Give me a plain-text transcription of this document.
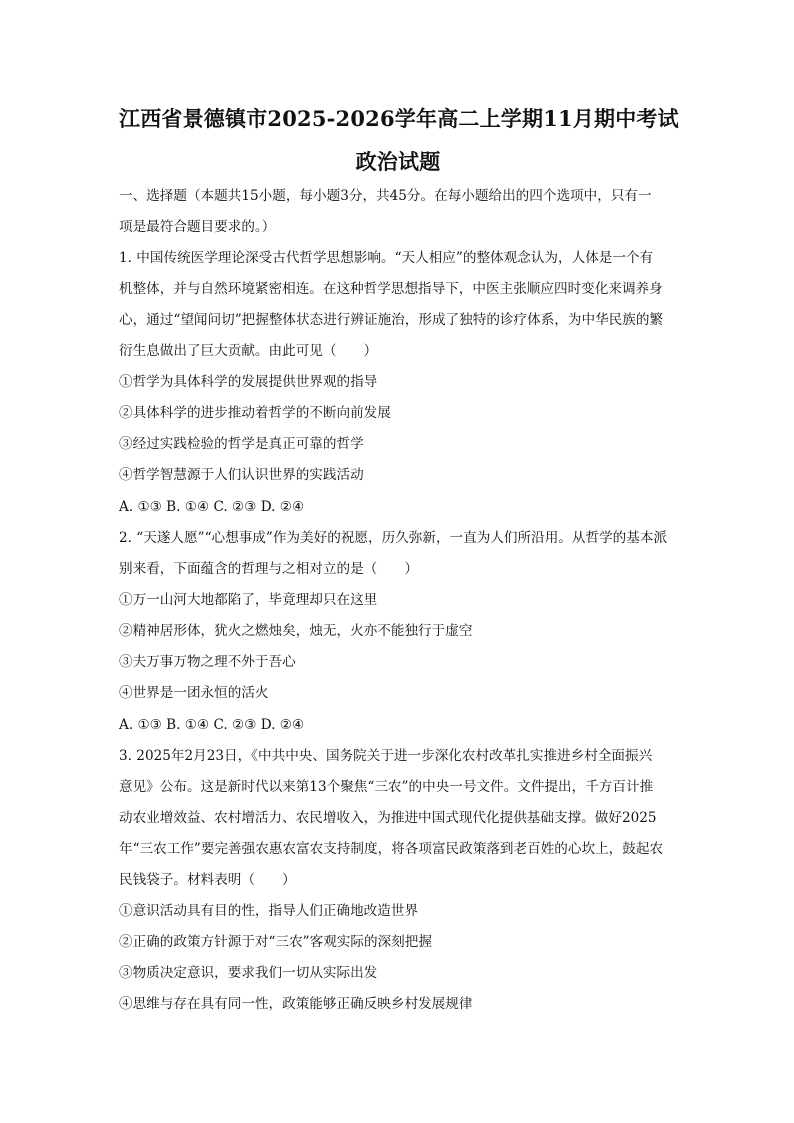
江西省景德镇市2025-2026学年高二上学期11月期中考试
政治试题
一、选择题（本题共15小题，每小题3分，共45分。在每小题给出的四个选项中，只有一
项是最符合题目要求的。）
1. 中国传统医学理论深受古代哲学思想影响。“天人相应”的整体观念认为，人体是一个有
机整体，并与自然环境紧密相连。在这种哲学思想指导下，中医主张顺应四时变化来调养身
心，通过“望闻问切”把握整体状态进行辨证施治，形成了独特的诊疗体系，为中华民族的繁
衍生息做出了巨大贡献。由此可见（　　）
①哲学为具体科学的发展提供世界观的指导
②具体科学的进步推动着哲学的不断向前发展
③经过实践检验的哲学是真正可靠的哲学
④哲学智慧源于人们认识世界的实践活动
A. ①③ B. ①④ C. ②③ D. ②④
2. “天遂人愿”“心想事成”作为美好的祝愿，历久弥新，一直为人们所沿用。从哲学的基本派
别来看，下面蕴含的哲理与之相对立的是（　　）
①万一山河大地都陷了，毕竟理却只在这里
②精神居形体，犹火之燃烛矣，烛无，火亦不能独行于虚空
③夫万事万物之理不外于吾心
④世界是一团永恒的活火
A. ①③ B. ①④ C. ②③ D. ②④
3. 2025年2月23日，《中共中央、国务院关于进一步深化农村改革扎实推进乡村全面振兴
意见》公布。这是新时代以来第13个聚焦“三农”的中央一号文件。文件提出，千方百计推
动农业增效益、农村增活力、农民增收入，为推进中国式现代化提供基础支撑。做好2025
年“三农工作”要完善强农惠农富农支持制度，将各项富民政策落到老百姓的心坎上，鼓起农
民钱袋子。材料表明（　　）
①意识活动具有目的性，指导人们正确地改造世界
②正确的政策方针源于对“三农”客观实际的深刻把握
③物质决定意识，要求我们一切从实际出发
④思维与存在具有同一性，政策能够正确反映乡村发展规律
